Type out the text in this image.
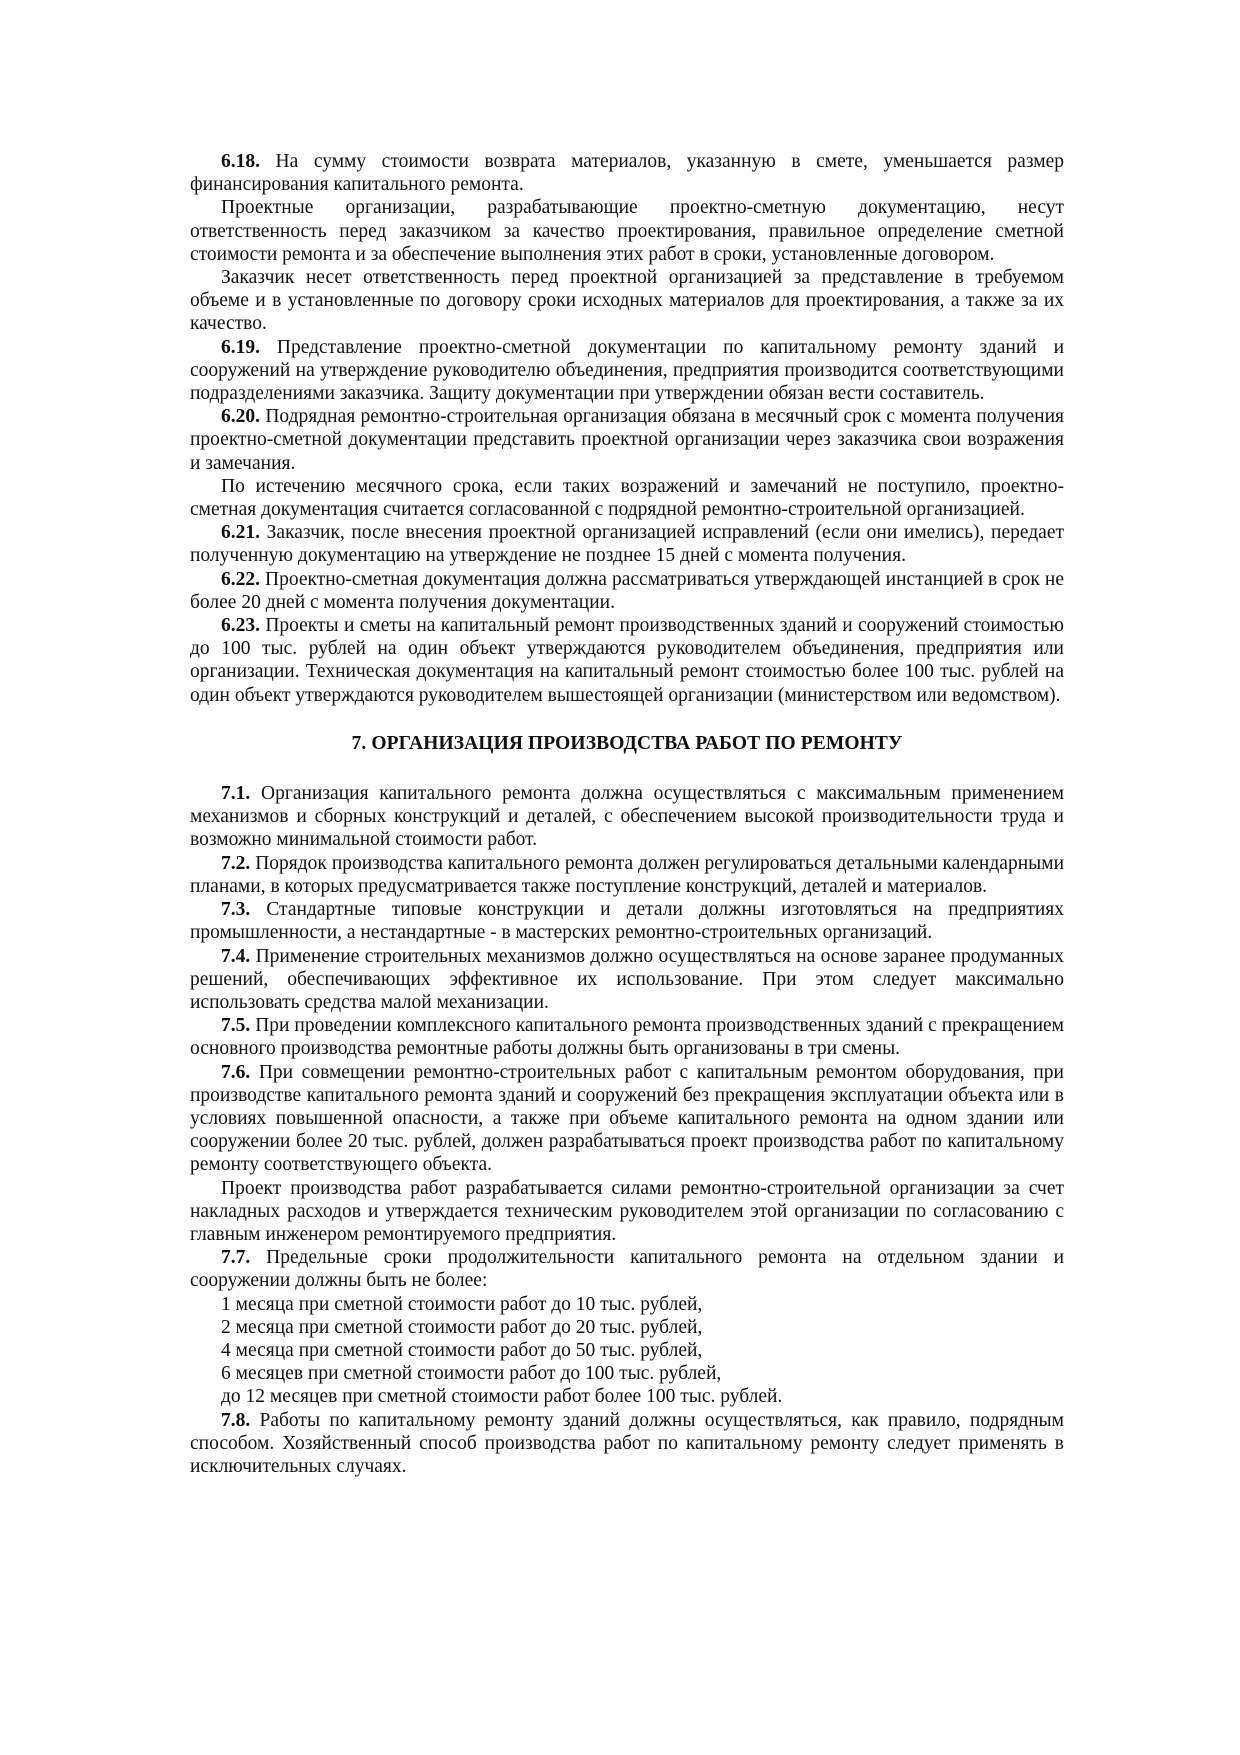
6.18. На сумму стоимости возврата материалов, указанную в смете, уменьшается размер финансирования капитального ремонта.

Проектные организации, разрабатывающие проектно-сметную документацию, несут ответственность перед заказчиком за качество проектирования, правильное определение сметной стоимости ремонта и за обеспечение выполнения этих работ в сроки, установленные договором.

Заказчик несет ответственность перед проектной организацией за представление в требуемом объеме и в установленные по договору сроки исходных материалов для проектирования, а также за их качество.

6.19. Представление проектно-сметной документации по капитальному ремонту зданий и сооружений на утверждение руководителю объединения, предприятия производится соответствующими подразделениями заказчика. Защиту документации при утверждении обязан вести составитель.

6.20. Подрядная ремонтно-строительная организация обязана в месячный срок с момента получения проектно-сметной документации представить проектной организации через заказчика свои возражения и замечания.

По истечению месячного срока, если таких возражений и замечаний не поступило, проектно-сметная документация считается согласованной с подрядной ремонтно-строительной организацией.

6.21. Заказчик, после внесения проектной организацией исправлений (если они имелись), передает полученную документацию на утверждение не позднее 15 дней с момента получения.

6.22. Проектно-сметная документация должна рассматриваться утверждающей инстанцией в срок не более 20 дней с момента получения документации.

6.23. Проекты и сметы на капитальный ремонт производственных зданий и сооружений стоимостью до 100 тыс. рублей на один объект утверждаются руководителем объединения, предприятия или организации. Техническая документация на капитальный ремонт стоимостью более 100 тыс. рублей на один объект утверждаются руководителем вышестоящей организации (министерством или ведомством).

7. ОРГАНИЗАЦИЯ ПРОИЗВОДСТВА РАБОТ ПО РЕМОНТУ

7.1. Организация капитального ремонта должна осуществляться с максимальным применением механизмов и сборных конструкций и деталей, с обеспечением высокой производительности труда и возможно минимальной стоимости работ.

7.2. Порядок производства капитального ремонта должен регулироваться детальными календарными планами, в которых предусматривается также поступление конструкций, деталей и материалов.

7.3. Стандартные типовые конструкции и детали должны изготовляться на предприятиях промышленности, а нестандартные - в мастерских ремонтно-строительных организаций.

7.4. Применение строительных механизмов должно осуществляться на основе заранее продуманных решений, обеспечивающих эффективное их использование. При этом следует максимально использовать средства малой механизации.

7.5. При проведении комплексного капитального ремонта производственных зданий с прекращением основного производства ремонтные работы должны быть организованы в три смены.

7.6. При совмещении ремонтно-строительных работ с капитальным ремонтом оборудования, при производстве капитального ремонта зданий и сооружений без прекращения эксплуатации объекта или в условиях повышенной опасности, а также при объеме капитального ремонта на одном здании или сооружении более 20 тыс. рублей, должен разрабатываться проект производства работ по капитальному ремонту соответствующего объекта.

Проект производства работ разрабатывается силами ремонтно-строительной организации за счет накладных расходов и утверждается техническим руководителем этой организации по согласованию с главным инженером ремонтируемого предприятия.

7.7. Предельные сроки продолжительности капитального ремонта на отдельном здании и сооружении должны быть не более:

1 месяца при сметной стоимости работ до 10 тыс. рублей,

2 месяца при сметной стоимости работ до 20 тыс. рублей,

4 месяца при сметной стоимости работ до 50 тыс. рублей,

6 месяцев при сметной стоимости работ до 100 тыс. рублей,

до 12 месяцев при сметной стоимости работ более 100 тыс. рублей.

7.8. Работы по капитальному ремонту зданий должны осуществляться, как правило, подрядным способом. Хозяйственный способ производства работ по капитальному ремонту следует применять в исключительных случаях.
